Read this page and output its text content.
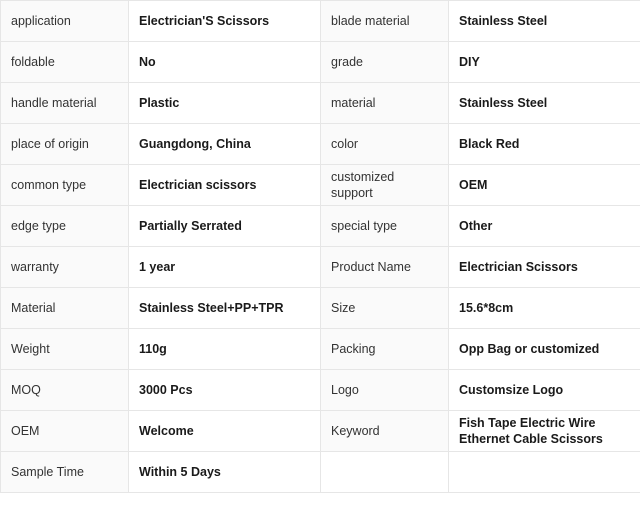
application	Electrician'S Scissors	blade material	Stainless Steel
foldable	No	grade	DIY
handle material	Plastic	material	Stainless Steel
place of origin	Guangdong, China	color	Black Red
common type	Electrician scissors	customized support	OEM
edge type	Partially Serrated	special type	Other
warranty	1 year	Product Name	Electrician Scissors
Material	Stainless Steel+PP+TPR	Size	15.6*8cm
Weight	110g	Packing	Opp Bag or customized
MOQ	3000 Pcs	Logo	Customsize Logo
OEM	Welcome	Keyword	Fish Tape Electric Wire Ethernet Cable Scissors
Sample Time	Within 5 Days		
